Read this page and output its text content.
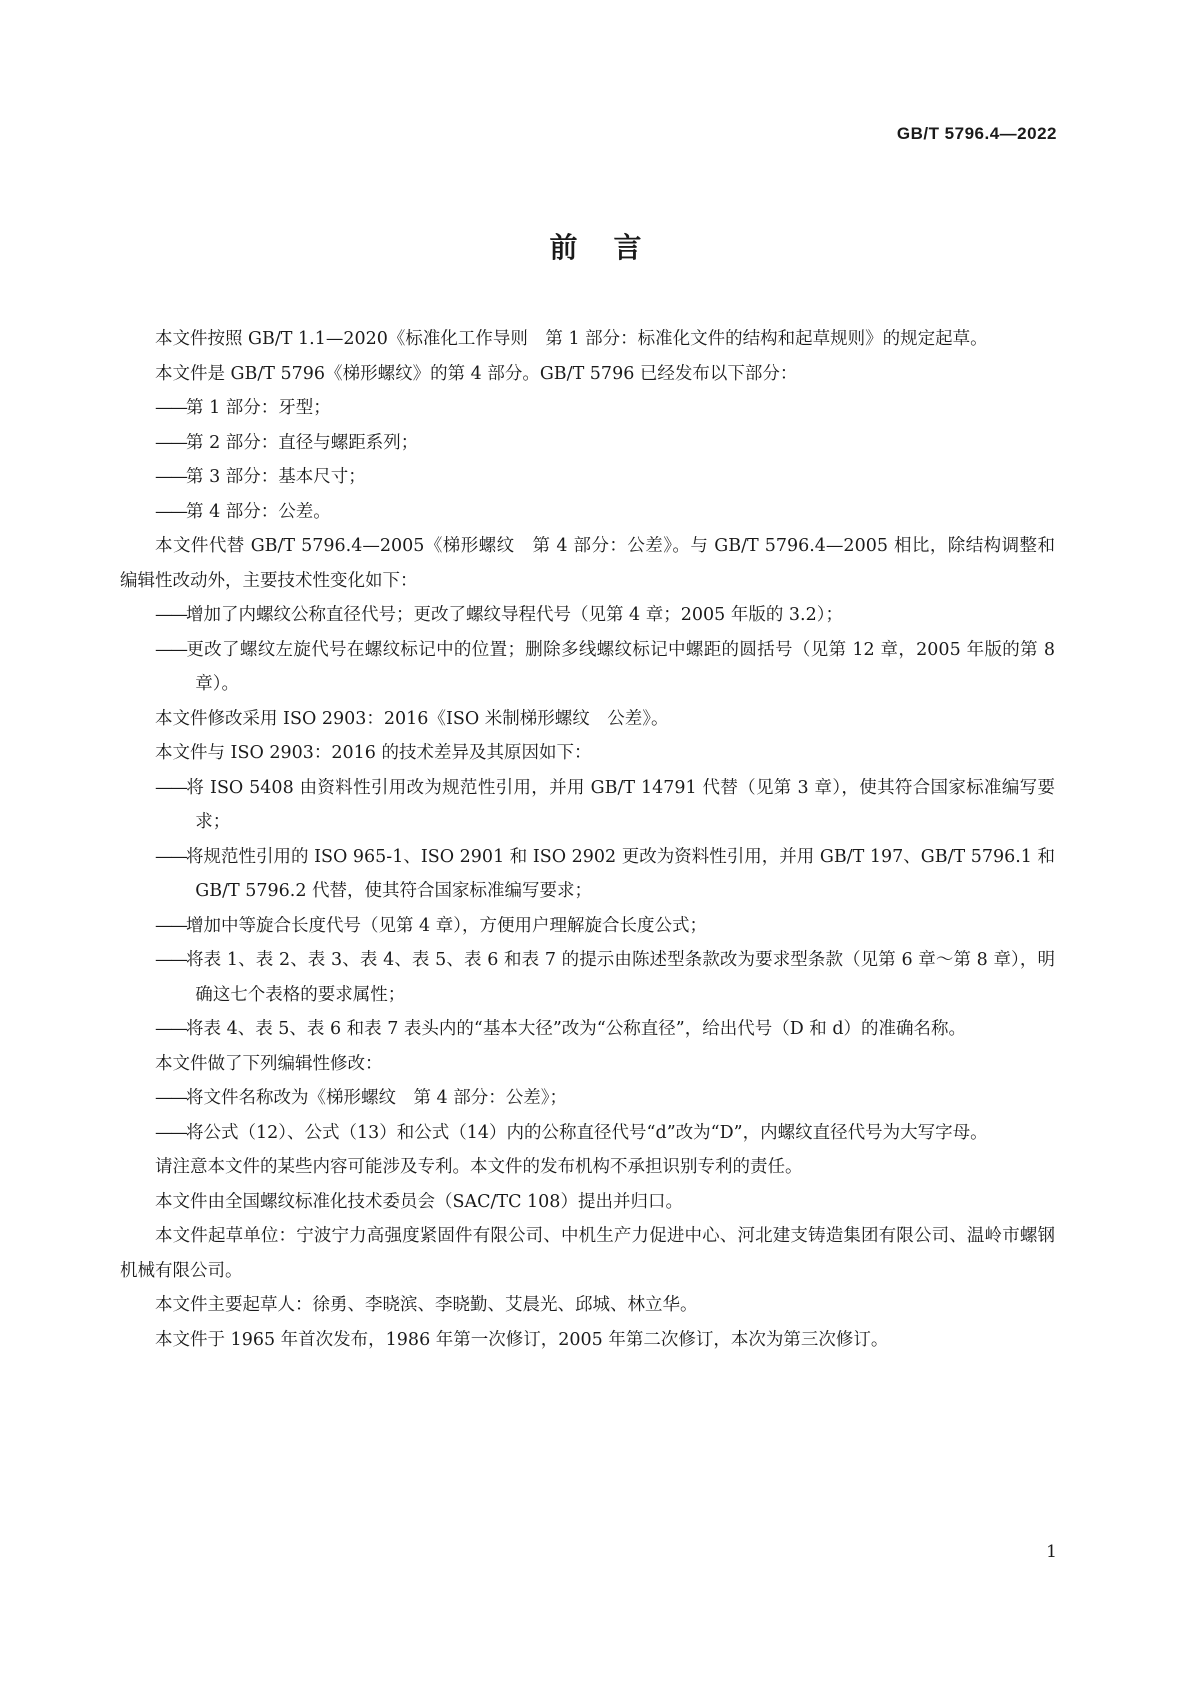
GB/T 5796.4—2022
前言

本文件按照 GB/T 1.1—2020《标准化工作导则　第 1 部分：标准化文件的结构和起草规则》的规定起草。

本文件是 GB/T 5796《梯形螺纹》的第 4 部分。GB/T 5796 已经发布以下部分：

——第 1 部分：牙型；

——第 2 部分：直径与螺距系列；

——第 3 部分：基本尺寸；

——第 4 部分：公差。

本文件代替 GB/T 5796.4—2005《梯形螺纹　第 4 部分：公差》。与 GB/T 5796.4—2005 相比，除结构调整和编辑性改动外，主要技术性变化如下：

——增加了内螺纹公称直径代号；更改了螺纹导程代号（见第 4 章；2005 年版的 3.2）；

——更改了螺纹左旋代号在螺纹标记中的位置；删除多线螺纹标记中螺距的圆括号（见第 12 章，2005 年版的第 8 章）。

本文件修改采用 ISO 2903：2016《ISO 米制梯形螺纹　公差》。

本文件与 ISO 2903：2016 的技术差异及其原因如下：

——将 ISO 5408 由资料性引用改为规范性引用，并用 GB/T 14791 代替（见第 3 章），使其符合国家标准编写要求；

——将规范性引用的 ISO 965-1、ISO 2901 和 ISO 2902 更改为资料性引用，并用 GB/T 197、GB/T 5796.1 和 GB/T 5796.2 代替，使其符合国家标准编写要求；

——增加中等旋合长度代号（见第 4 章），方便用户理解旋合长度公式；

——将表 1、表 2、表 3、表 4、表 5、表 6 和表 7 的提示由陈述型条款改为要求型条款（见第 6 章～第 8 章），明确这七个表格的要求属性；

——将表 4、表 5、表 6 和表 7 表头内的“基本大径”改为“公称直径”，给出代号（D 和 d）的准确名称。

本文件做了下列编辑性修改：

——将文件名称改为《梯形螺纹　第 4 部分：公差》；

——将公式（12）、公式（13）和公式（14）内的公称直径代号“d”改为“D”，内螺纹直径代号为大写字母。

请注意本文件的某些内容可能涉及专利。本文件的发布机构不承担识别专利的责任。

本文件由全国螺纹标准化技术委员会（SAC/TC 108）提出并归口。

本文件起草单位：宁波宁力高强度紧固件有限公司、中机生产力促进中心、河北建支铸造集团有限公司、温岭市螺钢机械有限公司。

本文件主要起草人：徐勇、李晓滨、李晓勤、艾晨光、邱城、林立华。

本文件于 1965 年首次发布，1986 年第一次修订，2005 年第二次修订，本次为第三次修订。

1
